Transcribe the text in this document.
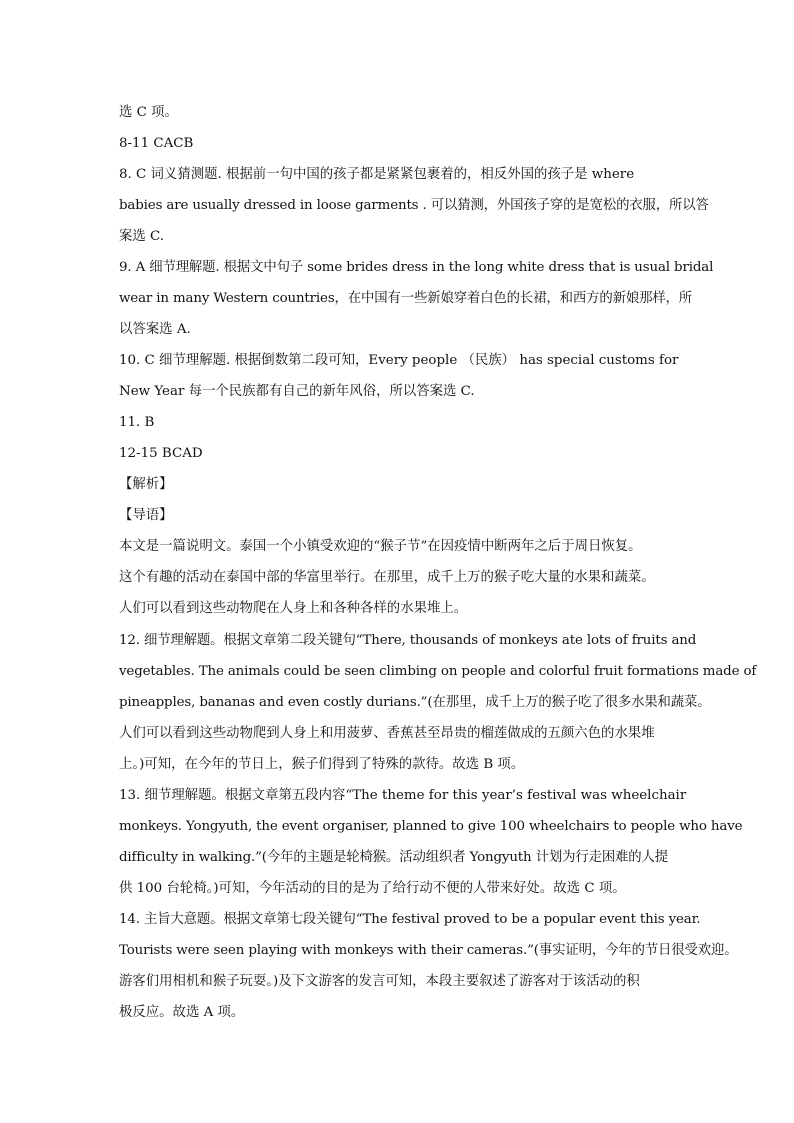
选 C 项。
8-11 CACB
8. C 词义猜测题. 根据前一句中国的孩子都是紧紧包裹着的，相反外国的孩子是 where
babies are usually dressed in loose garments . 可以猜测，外国孩子穿的是宽松的衣服，所以答
案选 C.
9. A 细节理解题. 根据文中句子 some brides dress in the long white dress that is usual bridal
wear in many Western countries，在中国有一些新娘穿着白色的长裙，和西方的新娘那样，所
以答案选 A.
10. C 细节理解题. 根据倒数第二段可知，Every people （民族） has special customs for
New Year 每一个民族都有自己的新年风俗，所以答案选 C.
11. B
12-15 BCAD
【解析】
【导语】
本文是一篇说明文。泰国一个小镇受欢迎的“猴子节”在因疫情中断两年之后于周日恢复。
这个有趣的活动在泰国中部的华富里举行。在那里，成千上万的猴子吃大量的水果和蔬菜。
人们可以看到这些动物爬在人身上和各种各样的水果堆上。
12. 细节理解题。根据文章第二段关键句“There, thousands of monkeys ate lots of fruits and
vegetables. The animals could be seen climbing on people and colorful fruit formations made of
pineapples, bananas and even costly durians.”(在那里，成千上万的猴子吃了很多水果和蔬菜。
人们可以看到这些动物爬到人身上和用菠萝、香蕉甚至昂贵的榴莲做成的五颜六色的水果堆
上。)可知，在今年的节日上，猴子们得到了特殊的款待。故选 B 项。
13. 细节理解题。根据文章第五段内容“The theme for this year’s festival was wheelchair
monkeys. Yongyuth, the event organiser, planned to give 100 wheelchairs to people who have
difficulty in walking.”(今年的主题是轮椅猴。活动组织者 Yongyuth 计划为行走困难的人提
供 100 台轮椅。)可知，今年活动的目的是为了给行动不便的人带来好处。故选 C 项。
14. 主旨大意题。根据文章第七段关键句“The festival proved to be a popular event this year.
Tourists were seen playing with monkeys with their cameras.”(事实证明，今年的节日很受欢迎。
游客们用相机和猴子玩耍。)及下文游客的发言可知，本段主要叙述了游客对于该活动的积
极反应。故选 A 项。
